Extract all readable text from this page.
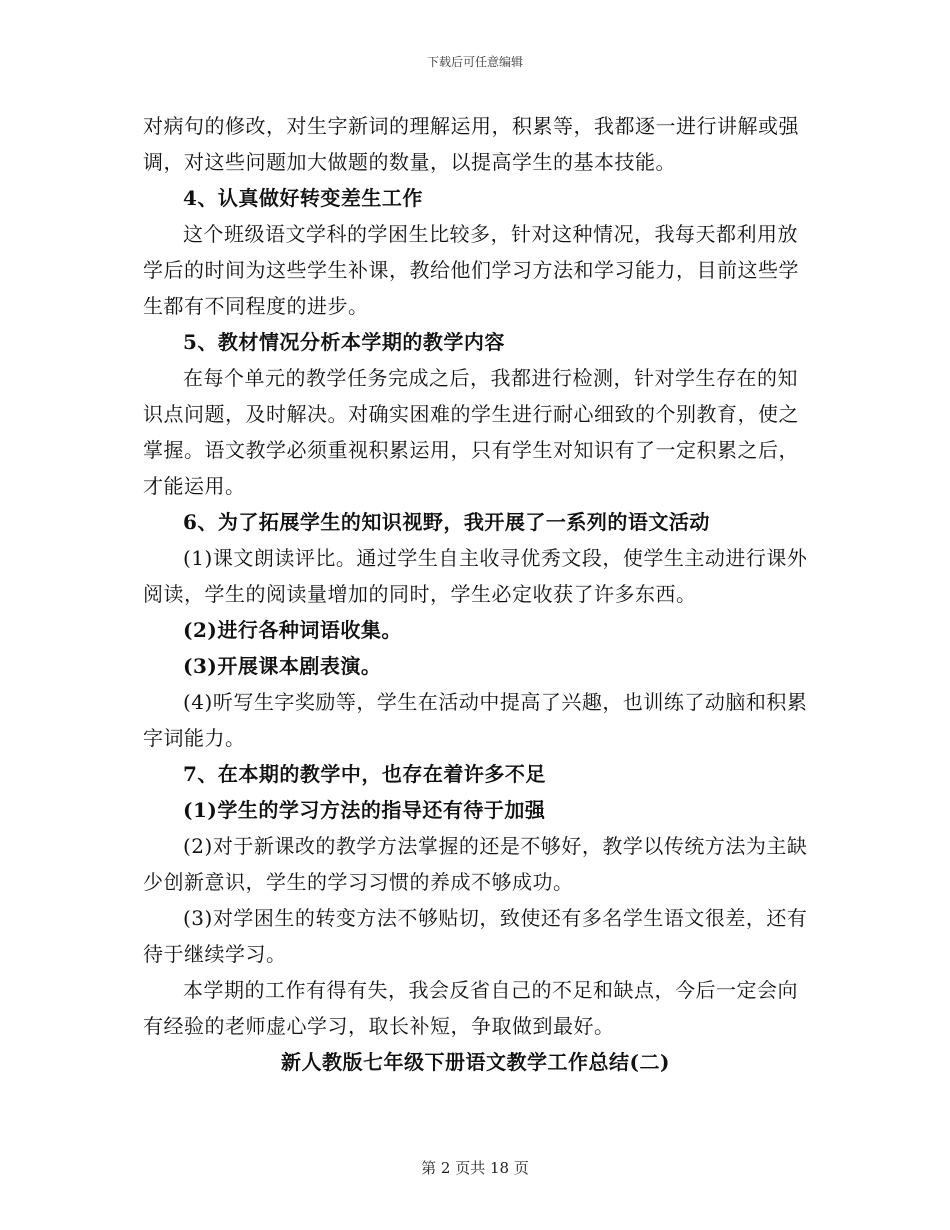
下载后可任意编辑

对病句的修改，对生字新词的理解运用，积累等，我都逐一进行讲解或强调，对这些问题加大做题的数量，以提高学生的基本技能。

4、认真做好转变差生工作

这个班级语文学科的学困生比较多，针对这种情况，我每天都利用放学后的时间为这些学生补课，教给他们学习方法和学习能力，目前这些学生都有不同程度的进步。

5、教材情况分析本学期的教学内容

在每个单元的教学任务完成之后，我都进行检测，针对学生存在的知识点问题，及时解决。对确实困难的学生进行耐心细致的个别教育，使之掌握。语文教学必须重视积累运用，只有学生对知识有了一定积累之后，才能运用。

6、为了拓展学生的知识视野，我开展了一系列的语文活动

(1)课文朗读评比。通过学生自主收寻优秀文段，使学生主动进行课外阅读，学生的阅读量增加的同时，学生必定收获了许多东西。

(2)进行各种词语收集。

(3)开展课本剧表演。

(4)听写生字奖励等，学生在活动中提高了兴趣，也训练了动脑和积累字词能力。

7、在本期的教学中，也存在着许多不足

(1)学生的学习方法的指导还有待于加强

(2)对于新课改的教学方法掌握的还是不够好，教学以传统方法为主缺少创新意识，学生的学习习惯的养成不够成功。

(3)对学困生的转变方法不够贴切，致使还有多名学生语文很差，还有待于继续学习。

本学期的工作有得有失，我会反省自己的不足和缺点，今后一定会向有经验的老师虚心学习，取长补短，争取做到最好。

新人教版七年级下册语文教学工作总结(二)

第 2 页共 18 页
